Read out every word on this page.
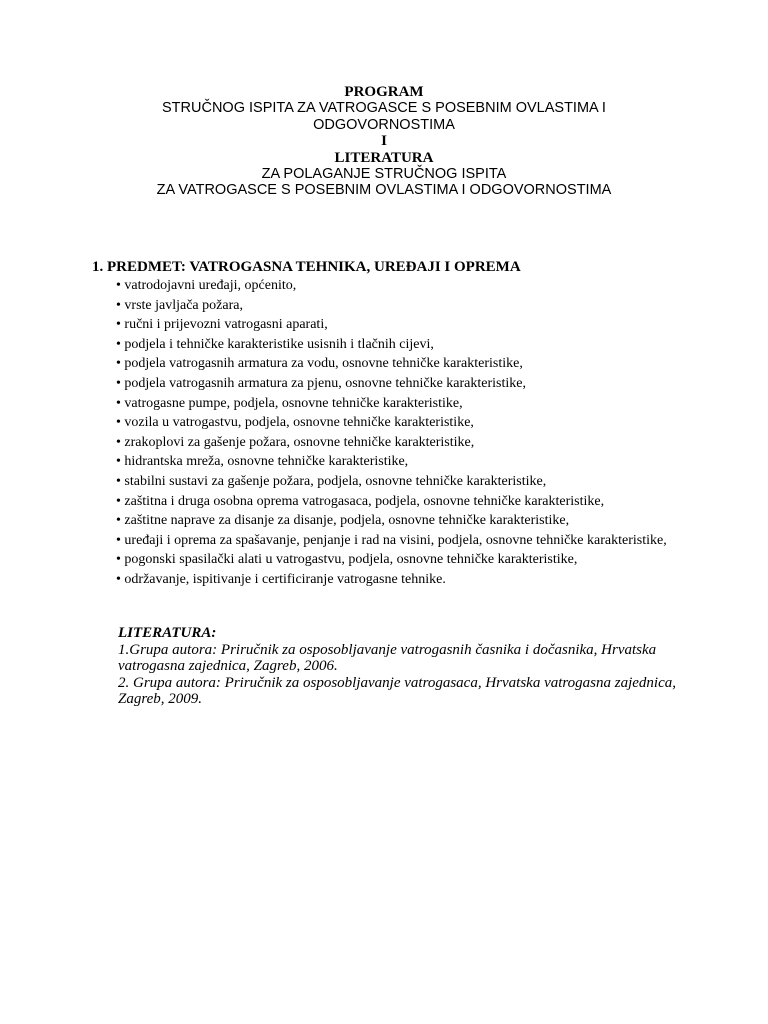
PROGRAM
STRUČNOG ISPITA ZA VATROGASCE S POSEBNIM OVLASTIMA I
ODGOVORNOSTIMA
I
LITERATURA
ZA POLAGANJE STRUČNOG ISPITA
ZA VATROGASCE S POSEBNIM OVLASTIMA I ODGOVORNOSTIMA
1. PREDMET: VATROGASNA TEHNIKA, UREĐAJI I OPREMA
• vatrodojavni uređaji, općenito,
• vrste javljača požara,
• ručni i prijevozni vatrogasni aparati,
• podjela i tehničke karakteristike usisnih i tlačnih cijevi,
• podjela vatrogasnih armatura za vodu, osnovne tehničke karakteristike,
• podjela vatrogasnih armatura za pjenu, osnovne tehničke karakteristike,
• vatrogasne pumpe, podjela, osnovne tehničke karakteristike,
• vozila u vatrogastvu, podjela, osnovne tehničke karakteristike,
• zrakoplovi za gašenje požara, osnovne tehničke karakteristike,
• hidrantska mreža, osnovne tehničke karakteristike,
• stabilni sustavi za gašenje požara, podjela, osnovne tehničke karakteristike,
• zaštitna i druga osobna oprema vatrogasaca, podjela, osnovne tehničke karakteristike,
• zaštitne naprave za disanje za disanje, podjela, osnovne tehničke karakteristike,
• uređaji i oprema za spašavanje, penjanje i rad na visini, podjela, osnovne tehničke karakteristike,
• pogonski spasilački alati u vatrogastvu, podjela, osnovne tehničke karakteristike,
• održavanje, ispitivanje i certificiranje vatrogasne tehnike.
LITERATURA:
1.Grupa autora: Priručnik za osposobljavanje vatrogasnih časnika i dočasnika, Hrvatska vatrogasna zajednica, Zagreb, 2006.
2. Grupa autora: Priručnik za osposobljavanje vatrogasaca, Hrvatska vatrogasna zajednica, Zagreb, 2009.
